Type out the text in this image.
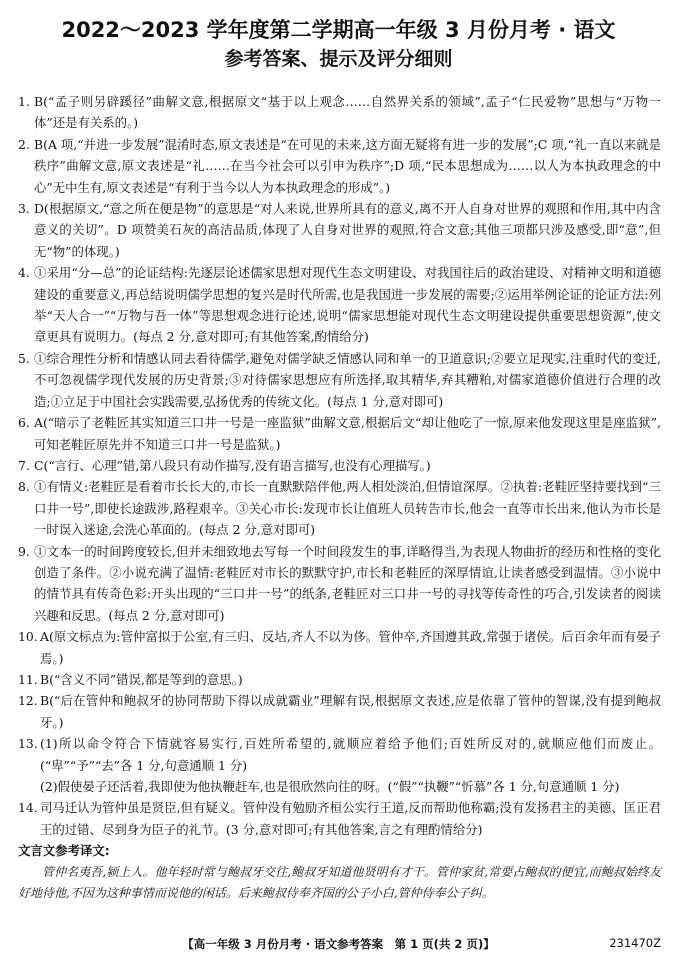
2022～2023 学年度第二学期高一年级 3 月份月考 · 语文
参考答案、提示及评分细则
1. B(“孟子则另辟蹊径”曲解文意,根据原文“基于以上观念……自然界关系的领域”,孟子“仁民爱物”思想与“万物一体”还是有关系的。)
2. B(A 项,“并进一步发展”混淆时态,原文表述是“在可见的未来,这方面无疑将有进一步的发展”;C 项,“礼一直以来就是秩序”曲解文意,原文表述是“礼……在当今社会可以引申为秩序”;D 项,“民本思想成为……以人为本执政理念的中心”无中生有,原文表述是“有利于当今以人为本执政理念的形成”。)
3. D(根据原文,“意之所在便是物”的意思是“对人来说,世界所具有的意义,离不开人自身对世界的观照和作用,其中内含意义的关切”。D 项赞美石灰的高洁品质,体现了人自身对世界的观照,符合文意;其他三项都只涉及感受,即“意”,但无“物”的体现。)
4. ①采用“分—总”的论证结构:先逐层论述儒家思想对现代生态文明建设、对我国往后的政治建设、对精神文明和道德建设的重要意义,再总结说明儒学思想的复兴是时代所需,也是我国进一步发展的需要;②运用举例论证的论证方法:列举“天人合一”“万物与吾一体”等思想观念进行论述,说明“儒家思想能对现代生态文明建设提供重要思想资源”,使文章更具有说明力。(每点 2 分,意对即可;有其他答案,酌情给分)
5. ①综合理性分析和情感认同去看待儒学,避免对儒学缺乏情感认同和单一的卫道意识;②要立足现实,注重时代的变迁,不可忽视儒学现代发展的历史背景;③对待儒家思想应有所选择,取其精华,弃其糟粕,对儒家道德价值进行合理的改造;①立足于中国社会实践需要,弘扬优秀的传统文化。(每点 1 分,意对即可)
6. A(“暗示了老鞋匠其实知道三口井一号是一座监狱”曲解文意,根据后文“却让他吃了一惊,原来他发现这里是座监狱”,可知老鞋匠原先并不知道三口井一号是监狱。)
7. C(“言行、心理”错,第八段只有动作描写,没有语言描写,也没有心理描写。)
8. ①有情义:老鞋匠是看着市长长大的,市长一直默默陪伴他,两人相处淡泊,但情谊深厚。②执着:老鞋匠坚持要找到“三口井一号”,即使长途跋涉,路程艰辛。③关心市长:发现市长让值班人员转告市长,他会一直等市长出来,他认为市长是一时误入迷途,会洗心革面的。(每点 2 分,意对即可)
9. ①文本一的时间跨度较长,但并未细致地去写每一个时间段发生的事,详略得当,为表现人物曲折的经历和性格的变化创造了条件。②小说充满了温情:老鞋匠对市长的默默守护,市长和老鞋匠的深厚情谊,让读者感受到温情。③小说中的情节具有传奇色彩:开头出现的“三口井一号”的纸条,老鞋匠对三口井一号的寻找等传奇性的巧合,引发读者的阅读兴趣和反思。(每点 2 分,意对即可)
10. A(原文标点为:管仲富拟于公室,有三归、反坫,齐人不以为侈。管仲卒,齐国遵其政,常强于诸侯。后百余年而有晏子焉。)
11. B(“含义不同”错误,都是等到的意思。)
12. B(“后在管仲和鲍叔牙的协同帮助下得以成就霸业”理解有误,根据原文表述,应是依靠了管仲的智谋,没有提到鲍叔牙。)
13. (1)所以命令符合下情就容易实行,百姓所希望的,就顺应着给予他们;百姓所反对的,就顺应他们而废止。(“卑”“予”“去”各 1 分,句意通顺 1 分)
(2)假使晏子还活着,我即使为他执鞭赶车,也是很欣然向往的呀。(“假”“执鞭”“忻慕”各 1 分,句意通顺 1 分)
14. 司马迁认为管仲虽是贤臣,但有疑义。管仲没有勉励齐桓公实行王道,反而帮助他称霸;没有发扬君主的美德、匡正君王的过错、尽到身为臣子的礼节。(3 分,意对即可;有其他答案,言之有理酌情给分)
文言文参考译文:
管仲名夷吾,颍上人。他年轻时常与鲍叔牙交往,鲍叔牙知道他贤明有才干。管仲家贫,常要占鲍叔的便宜,而鲍叔始终友好地待他,不因为这种事情而说他的闲话。后来鲍叔侍奉齐国的公子小白,管仲侍奉公子纠。
【高一年级 3 月份月考 · 语文参考答案　第 1 页(共 2 页)】	231470Z
